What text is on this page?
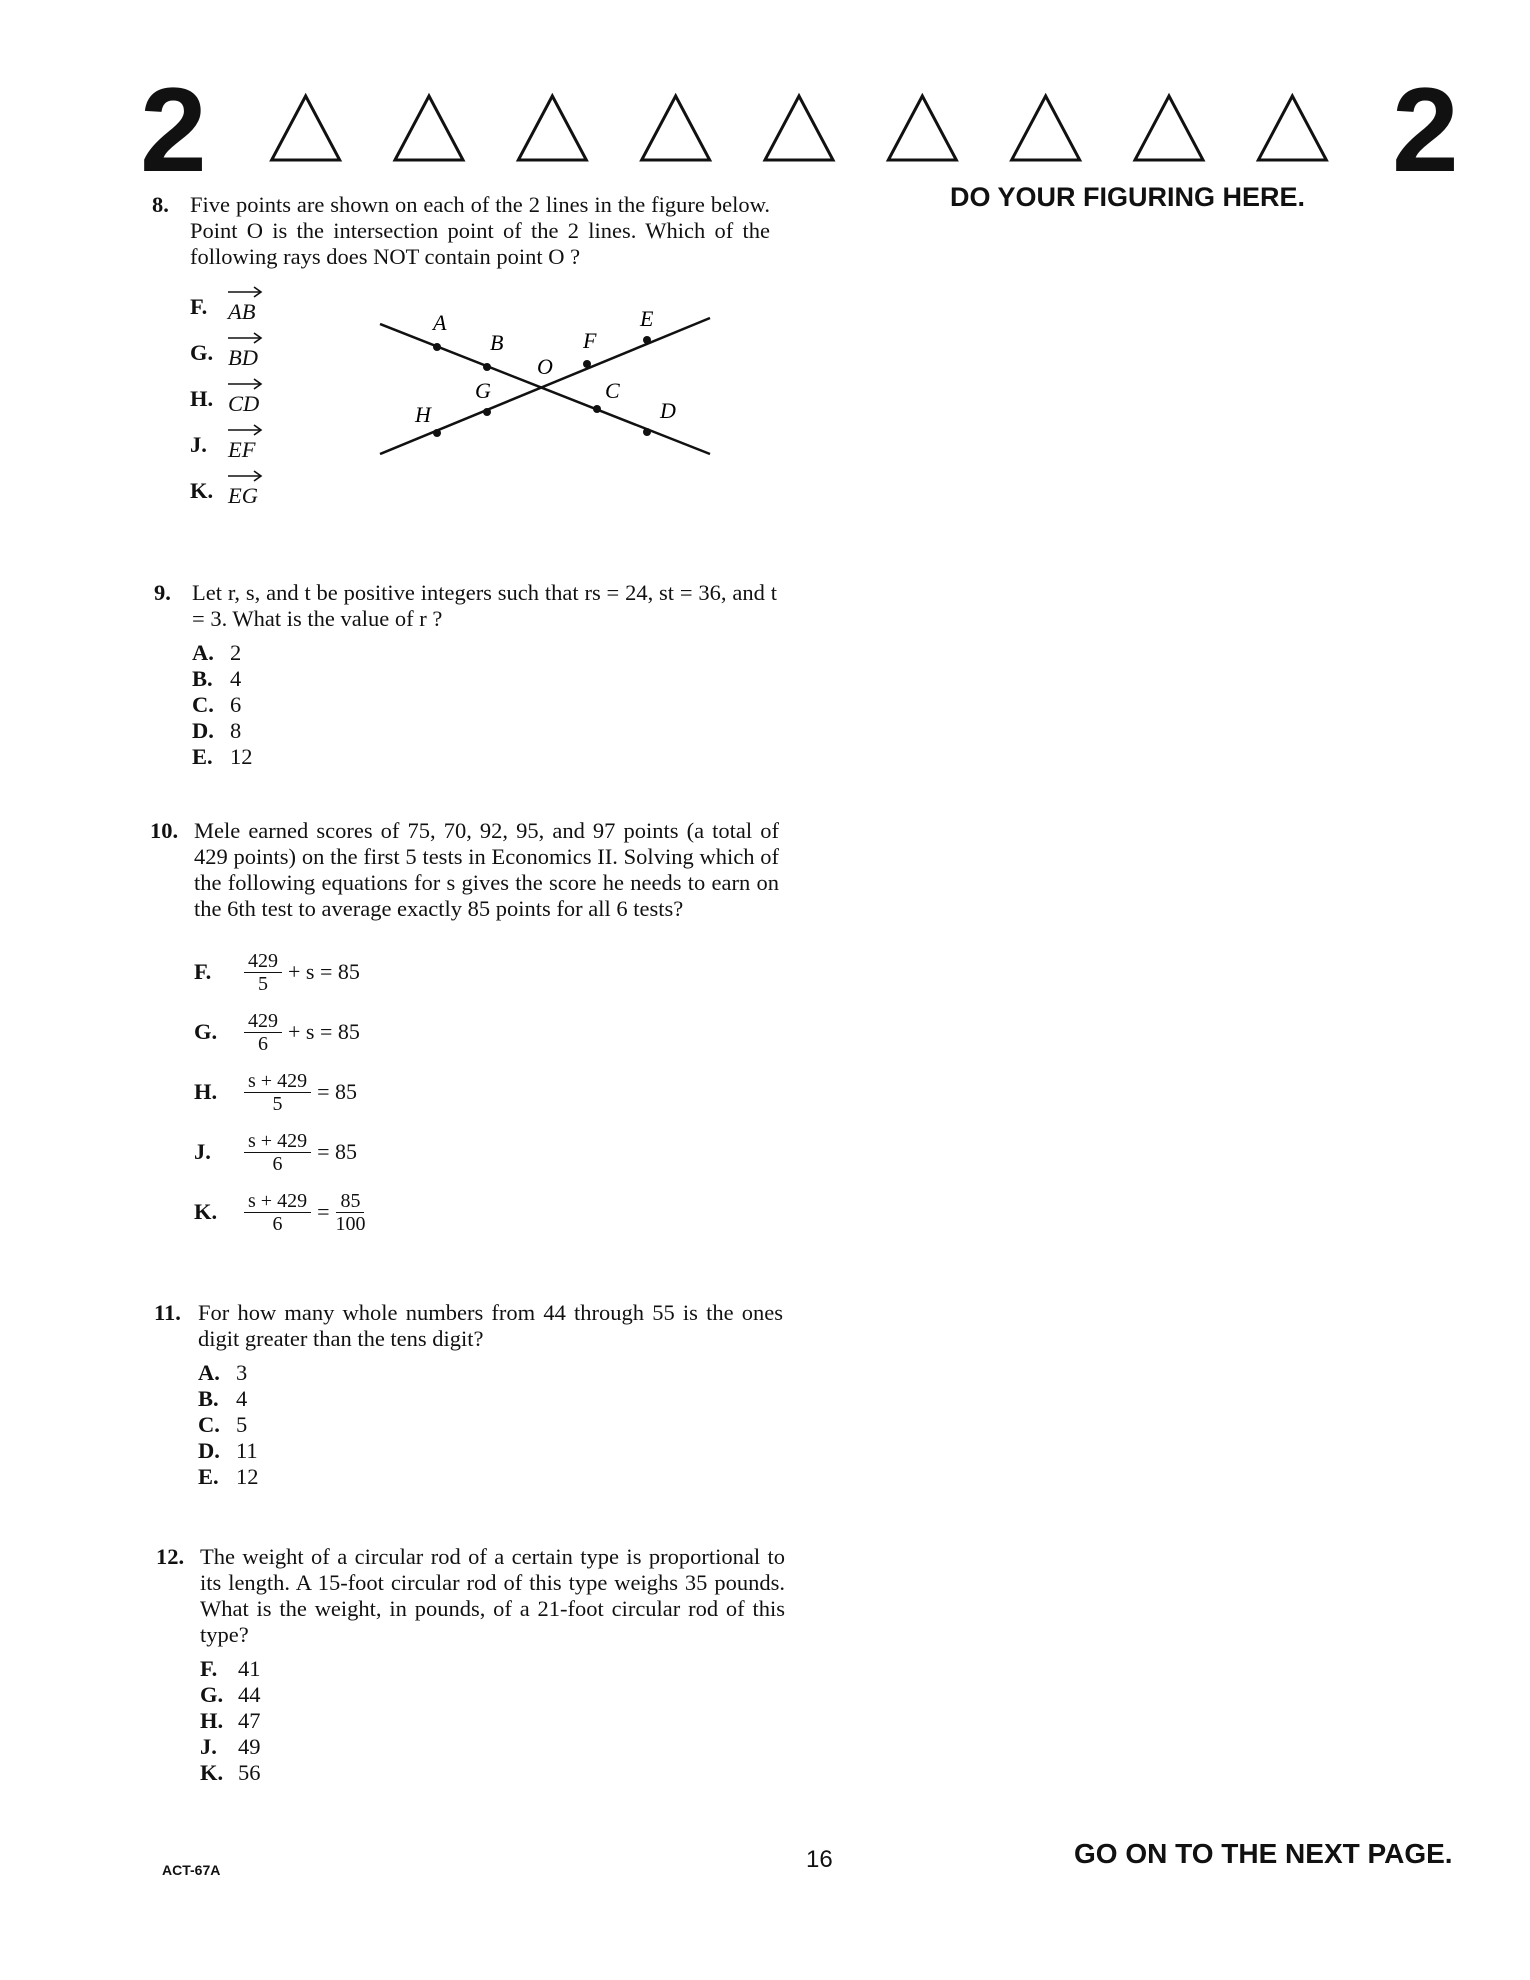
2	2
DO YOUR FIGURING HERE.
8. Five points are shown on each of the 2 lines in the figure below. Point O is the intersection point of the 2 lines. Which of the following rays does NOT contain point O ?
F. AB
G. BD
H. CD
J. EF
K. EG
A
B
O
F
E
G	C
H	D
9. Let r, s, and t be positive integers such that rs = 24, st = 36, and t = 3. What is the value of r ?
A. 2
B. 4
C. 6
D. 8
E. 12
10. Mele earned scores of 75, 70, 92, 95, and 97 points (a total of 429 points) on the first 5 tests in Economics II. Solving which of the following equations for s gives the score he needs to earn on the 6th test to average exactly 85 points for all 6 tests?
F.	$\frac{429}{5} + s = 85$
G.	$\frac{429}{6} + s = 85$
H.	$\frac{s + 429}{5} = 85$
J.	$\frac{s + 429}{6} = 85$
K.	$\frac{s + 429}{6} = \frac{85}{100}$
11. For how many whole numbers from 44 through 55 is the ones digit greater than the tens digit?
A. 3
B. 4
C. 5
D. 11
E. 12
12. The weight of a circular rod of a certain type is proportional to its length. A 15-foot circular rod of this type weighs 35 pounds. What is the weight, in pounds, of a 21-foot circular rod of this type?
F. 41
G. 44
H. 47
J. 49
K. 56
ACT-67A	16	GO ON TO THE NEXT PAGE.
